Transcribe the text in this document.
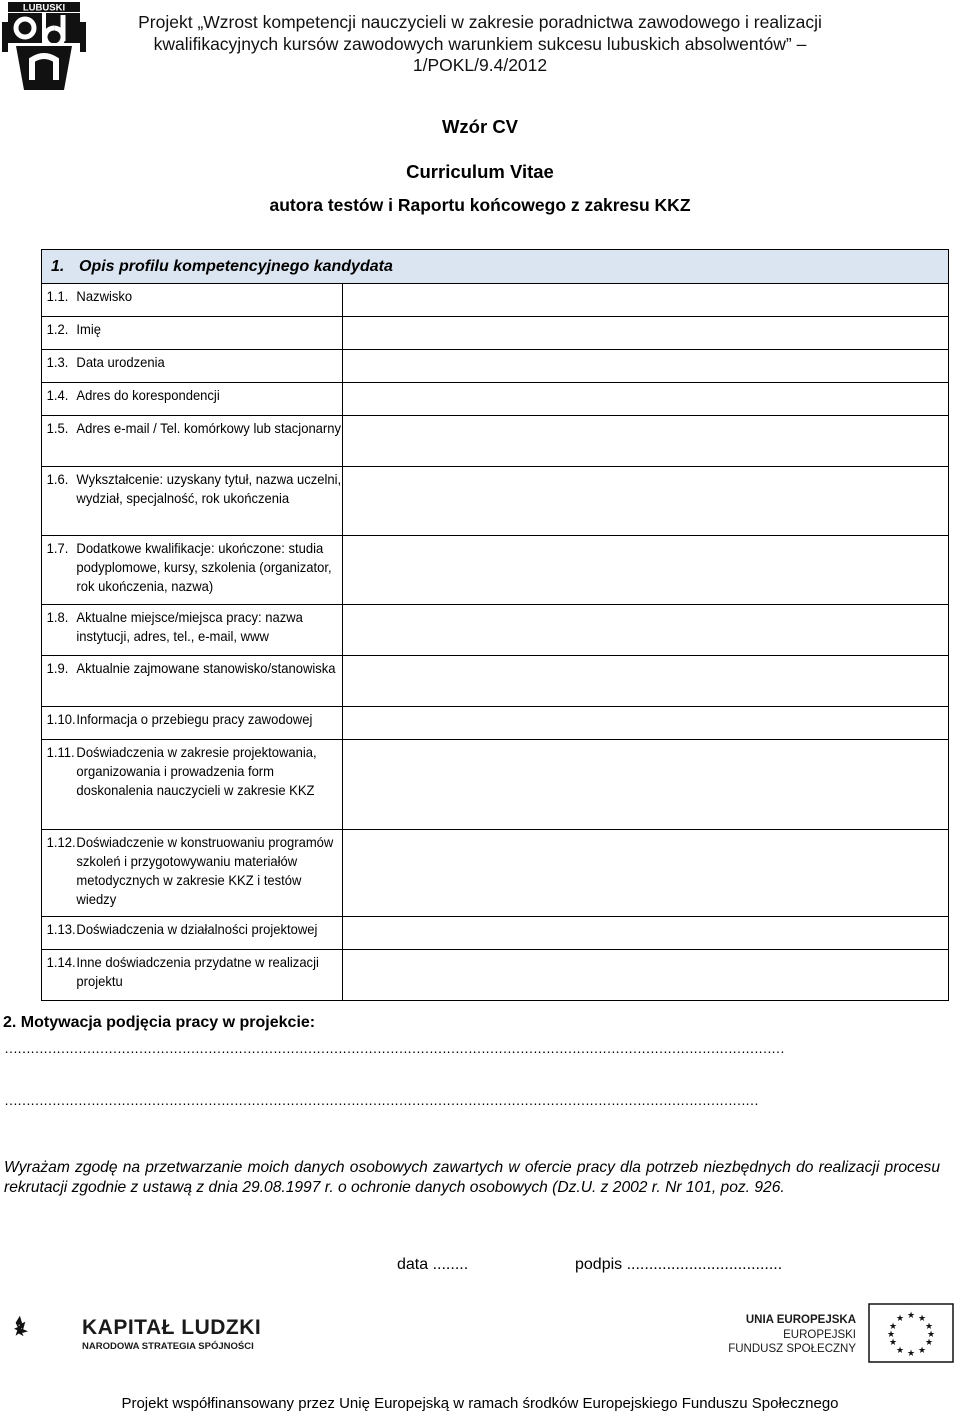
LUBUSKI
Projekt „Wzrost kompetencji nauczycieli w zakresie poradnictwa zawodowego i realizacji
kwalifikacyjnych kursów zawodowych warunkiem sukcesu lubuskich absolwentów” –
1/POKL/9.4/2012
Wzór CV
Curriculum Vitae
autora testów i Raportu końcowego z zakresu KKZ
1. Opis profilu kompetencyjnego kandydata	

1.1. Nazwisko	

1.2. Imię	

1.3. Data urodzenia	

1.4. Adres do korespondencji	

1.5. Adres e-mail / Tel. komórkowy lub stacjonarny	

1.6. Wykształcenie: uzyskany tytuł, nazwa uczelni, wydział, specjalność, rok ukończenia	

1.7. Dodatkowe kwalifikacje: ukończone: studia podyplomowe, kursy, szkolenia (organizator, rok ukończenia, nazwa)	

1.8. Aktualne miejsce/miejsca pracy: nazwa instytucji, adres, tel., e-mail, www	

1.9. Aktualnie zajmowane stanowisko/stanowiska	

1.10. Informacja o przebiegu pracy zawodowej	

1.11. Doświadczenia w zakresie projektowania, organizowania i prowadzenia form doskonalenia nauczycieli w zakresie KKZ	

1.12. Doświadczenie w konstruowaniu programów szkoleń i przygotowywaniu materiałów metodycznych w zakresie KKZ i testów wiedzy	

1.13. Doświadczenia w działalności projektowej	

1.14. Inne doświadczenia przydatne w realizacji projektu	

2. Motywacja podjęcia pracy w projekcie:
………………………………………………………………………………………………………………………………………………………………
…………………………………………………………………………………………………………………………………………………………
Wyrażam zgodę na przetwarzanie moich danych osobowych zawartych w ofercie pracy dla potrzeb niezbędnych do realizacji procesu rekrutacji zgodnie z ustawą z dnia 29.08.1997 r. o ochronie danych osobowych (Dz.U. z 2002 r. Nr 101, poz. 926.
data ........	podpis ...................................
KAPITAŁ LUDZKI
NARODOWA STRATEGIA SPÓJNOŚCI
UNIA EUROPEJSKA
EUROPEJSKI
FUNDUSZ SPOŁECZNY
★ ★
★
★
★
★
★
★
★
★
★
★
Projekt współfinansowany przez Unię Europejską w ramach środków Europejskiego Funduszu Społecznego
